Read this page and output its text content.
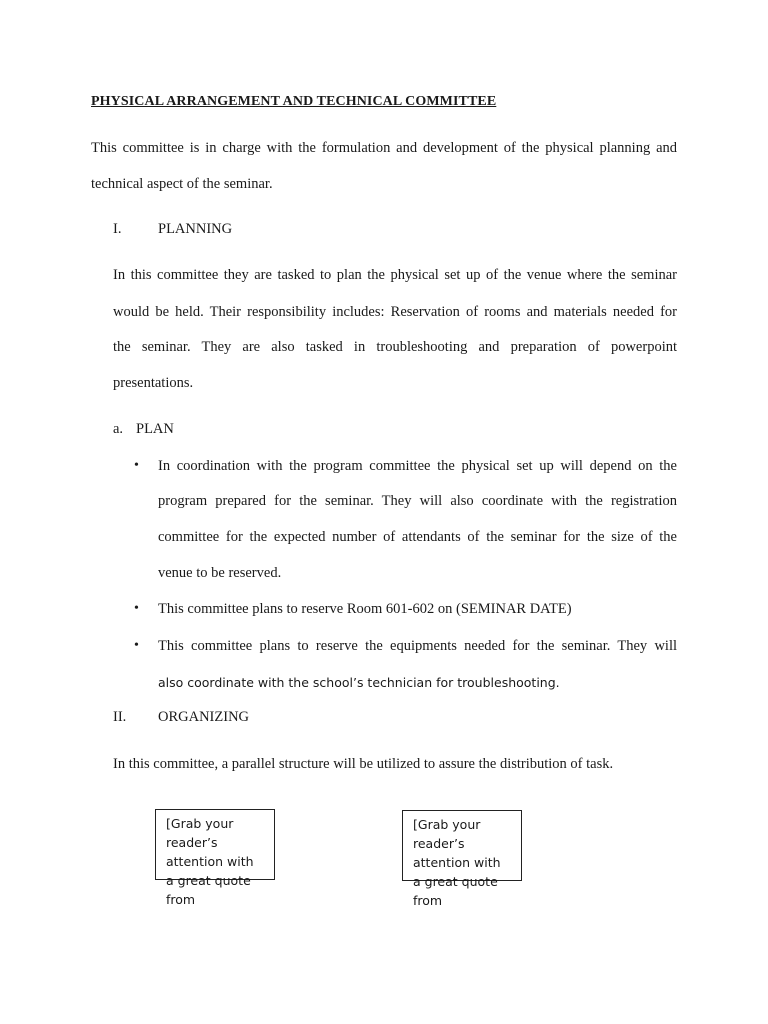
PHYSICAL ARRANGEMENT AND TECHNICAL COMMITTEE
This committee is in charge with the formulation and development of the physical planning and
technical aspect of the seminar.
I.	PLANNING
In this committee they are tasked to plan the physical set up of the venue where the seminar
would be held. Their responsibility includes: Reservation of rooms and materials needed for
the seminar. They are also tasked in troubleshooting and preparation of powerpoint
presentations.
a. PLAN
• In coordination with the program committee the physical set up will depend on the
program prepared for the seminar. They will also coordinate with the registration
committee for the expected number of attendants of the seminar for the size of the
venue to be reserved.
• This committee plans to reserve Room 601-602 on (SEMINAR DATE)
• This committee plans to reserve the equipments needed for the seminar. They will
also coordinate with the school’s technician for troubleshooting.
II. ORGANIZING
In this committee, a parallel structure will be utilized to assure the distribution of task.
[Grab your reader’s attention with a great quote from
[Grab your reader’s attention with a great quote from
